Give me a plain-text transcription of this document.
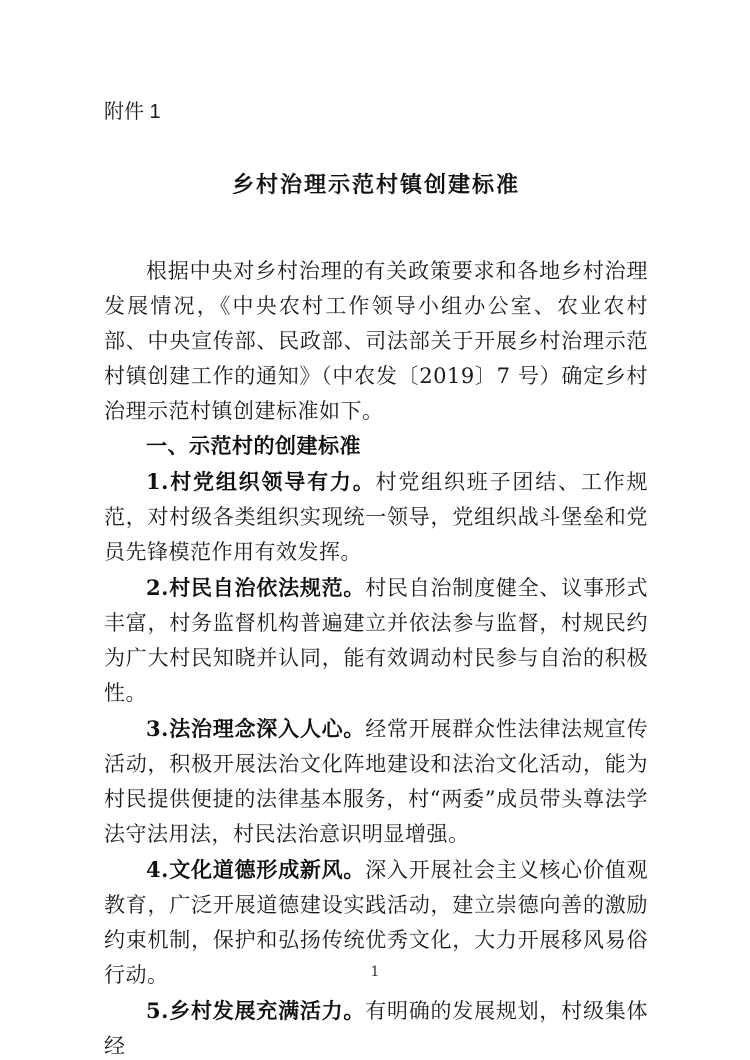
附件 1
乡村治理示范村镇创建标准

根据中央对乡村治理的有关政策要求和各地乡村治理发展情况，《中央农村工作领导小组办公室、农业农村部、中央宣传部、民政部、司法部关于开展乡村治理示范村镇创建工作的通知》（中农发〔2019〕7 号）确定乡村治理示范村镇创建标准如下。

一、示范村的创建标准

1.村党组织领导有力。村党组织班子团结、工作规范，对村级各类组织实现统一领导，党组织战斗堡垒和党员先锋模范作用有效发挥。

2.村民自治依法规范。村民自治制度健全、议事形式丰富，村务监督机构普遍建立并依法参与监督，村规民约为广大村民知晓并认同，能有效调动村民参与自治的积极性。

3.法治理念深入人心。经常开展群众性法律法规宣传活动，积极开展法治文化阵地建设和法治文化活动，能为村民提供便捷的法律基本服务，村“两委”成员带头尊法学法守法用法，村民法治意识明显增强。

4.文化道德形成新风。深入开展社会主义核心价值观教育，广泛开展道德建设实践活动，建立崇德向善的激励约束机制，保护和弘扬传统优秀文化，大力开展移风易俗行动。

5.乡村发展充满活力。有明确的发展规划，村级集体经

1
